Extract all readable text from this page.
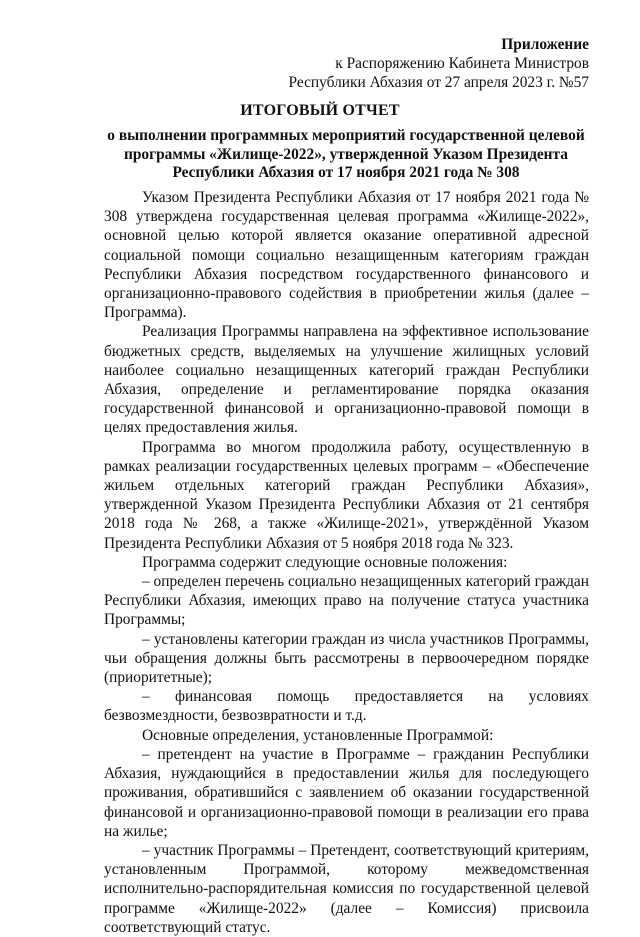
Приложение
к Распоряжению Кабинета Министров
Республики Абхазия от 27 апреля 2023 г. №57
ИТОГОВЫЙ ОТЧЕТ
о выполнении программных мероприятий государственной целевой
программы «Жилище-2022», утвержденной Указом Президента
Республики Абхазия от 17 ноября 2021 года № 308

Указом Президента Республики Абхазия от 17 ноября 2021 года № 308 утверждена государственная целевая программа «Жилище-2022», основной целью которой является оказание оперативной адресной социальной помощи социально незащищенным категориям граждан Республики Абхазия посредством государственного финансового и организационно-правового содействия в приобретении жилья (далее – Программа).

Реализация Программы направлена на эффективное использование бюджетных средств, выделяемых на улучшение жилищных условий наиболее социально незащищенных категорий граждан Республики Абхазия, определение и регламентирование порядка оказания государственной финансовой и организационно-правовой помощи в целях предоставления жилья.

Программа во многом продолжила работу, осуществленную в рамках реализации государственных целевых программ – «Обеспечение жильем отдельных категорий граждан Республики Абхазия», утвержденной Указом Президента Республики Абхазия от 21 сентября 2018 года № 268, а также «Жилище-2021», утверждённой Указом Президента Республики Абхазия от 5 ноября 2018 года № 323.

Программа содержит следующие основные положения:

– определен перечень социально незащищенных категорий граждан Республики Абхазия, имеющих право на получение статуса участника Программы;

– установлены категории граждан из числа участников Программы, чьи обращения должны быть рассмотрены в первоочередном порядке (приоритетные);

– финансовая помощь предоставляется на условиях безвозмездности, безвозвратности и т.д.

Основные определения, установленные Программой:

– претендент на участие в Программе – гражданин Республики Абхазия, нуждающийся в предоставлении жилья для последующего проживания, обратившийся с заявлением об оказании государственной финансовой и организационно-правовой помощи в реализации его права на жилье;

– участник Программы – Претендент, соответствующий критериям, установленным Программой, которому межведомственная исполнительно-распорядительная комиссия по государственной целевой программе «Жилище-2022» (далее – Комиссия) присвоила соответствующий статус.
